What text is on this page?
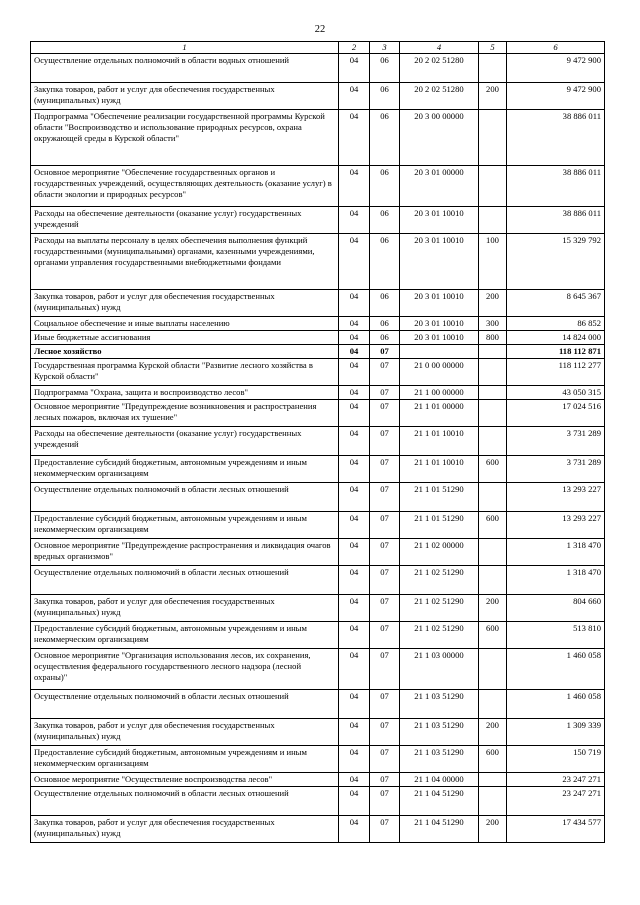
22
1	2	3	4	5	6
Осуществление отдельных полномочий в области водных отношений	04	06	20 2 02 51280		9 472 900
Закупка товаров, работ и услуг для обеспечения государственных (муниципальных) нужд	04	06	20 2 02 51280	200	9 472 900
Подпрограмма "Обеспечение реализации государственной программы Курской области "Воспроизводство и использование природных ресурсов, охрана окружающей среды в Курской области"	04	06	20 3 00 00000		38 886 011
Основное мероприятие "Обеспечение государственных органов и государственных учреждений, осуществляющих деятельность (оказание услуг) в области экологии и природных ресурсов"	04	06	20 3 01 00000		38 886 011
Расходы на обеспечение деятельности (оказание услуг) государственных учреждений	04	06	20 3 01 10010		38 886 011
Расходы на выплаты персоналу в целях обеспечения выполнения функций государственными (муниципальными) органами, казенными учреждениями, органами управления государственными внебюджетными фондами	04	06	20 3 01 10010	100	15 329 792
Закупка товаров, работ и услуг для обеспечения государственных (муниципальных) нужд	04	06	20 3 01 10010	200	8 645 367
Социальное обеспечение и иные выплаты населению	04	06	20 3 01 10010	300	86 852
Иные бюджетные ассигнования	04	06	20 3 01 10010	800	14 824 000
Лесное хозяйство	04	07			118 112 871
Государственная программа Курской области "Развитие лесного хозяйства в Курской области"	04	07	21 0 00 00000		118 112 277
Подпрограмма "Охрана, защита и воспроизводство лесов"	04	07	21 1 00 00000		43 050 315
Основное мероприятие "Предупреждение возникновения и распространения лесных пожаров, включая их тушение"	04	07	21 1 01 00000		17 024 516
Расходы на обеспечение деятельности (оказание услуг) государственных учреждений	04	07	21 1 01 10010		3 731 289
Предоставление субсидий бюджетным, автономным учреждениям и иным некоммерческим организациям	04	07	21 1 01 10010	600	3 731 289
Осуществление отдельных полномочий в области лесных отношений	04	07	21 1 01 51290		13 293 227
Предоставление субсидий бюджетным, автономным учреждениям и иным некоммерческим организациям	04	07	21 1 01 51290	600	13 293 227
Основное мероприятие "Предупреждение распространения и ликвидация очагов вредных организмов"	04	07	21 1 02 00000		1 318 470
Осуществление отдельных полномочий в области лесных отношений	04	07	21 1 02 51290		1 318 470
Закупка товаров, работ и услуг для обеспечения государственных (муниципальных) нужд	04	07	21 1 02 51290	200	804 660
Предоставление субсидий бюджетным, автономным учреждениям и иным некоммерческим организациям	04	07	21 1 02 51290	600	513 810
Основное мероприятие "Организация использования лесов, их сохранения, осуществления федерального государственного лесного надзора (лесной охраны)"	04	07	21 1 03 00000		1 460 058
Осуществление отдельных полномочий в области лесных отношений	04	07	21 1 03 51290		1 460 058
Закупка товаров, работ и услуг для обеспечения государственных (муниципальных) нужд	04	07	21 1 03 51290	200	1 309 339
Предоставление субсидий бюджетным, автономным учреждениям и иным некоммерческим организациям	04	07	21 1 03 51290	600	150 719
Основное мероприятие "Осуществление воспроизводства лесов"	04	07	21 1 04 00000		23 247 271
Осуществление отдельных полномочий в области лесных отношений	04	07	21 1 04 51290		23 247 271
Закупка товаров, работ и услуг для обеспечения государственных (муниципальных) нужд	04	07	21 1 04 51290	200	17 434 577
